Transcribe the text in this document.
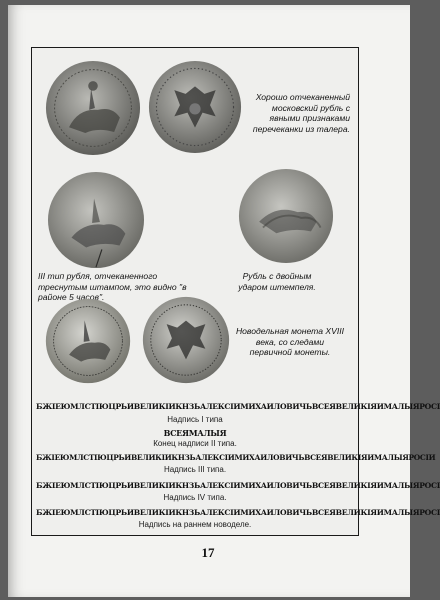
Хорошо отчеканенный московский рубль с явными признаками перечеканки из талера.
III тип рубля, отчеканенного треснутым штампом, это видно "в районе 5 часов".
Рубль с двойным ударом штемпеля.
Новодельная монета XVIII века, со следами первичной монеты.
БЖІЕЮМЛСТІЮЦРЬИВЕЛИКІИКНЗЬАЛЕКСІИМИХАИЛОВИЧЬВСЕЯВЕЛИКІЯИМАЛЫЯРОСІ
Надпись I типа
ВСЕЯМАЛЫЯ
Конец надписи II типа.
БЖІЕЮМЛСТІЮЦРЬИВЕЛИКІИКНЗЬАЛЕКСІИМИХАИЛОВИЧЬВСЕЯВЕЛИКІЯИМАЛЫЯРОСІИ
Надпись III типа.
БЖІЕЮМЛСТІЮЦРЬИВЕЛИКІИКНЗЬАЛЕКСІИМИХАИЛОВИЧЬВСЕЯВЕЛИКІЯИМАЛЫЯРОСІ
Надпись IV типа.
БЖІЕЮМЛСТІЮЦРЬИВЕЛИКІИКНЗЬАЛЕКСІИМИХАИЛОВИЧЬВСЕЯВЕЛИКІЯИМАЛЫЯРОСІ
Надпись на раннем новоделе.
17
